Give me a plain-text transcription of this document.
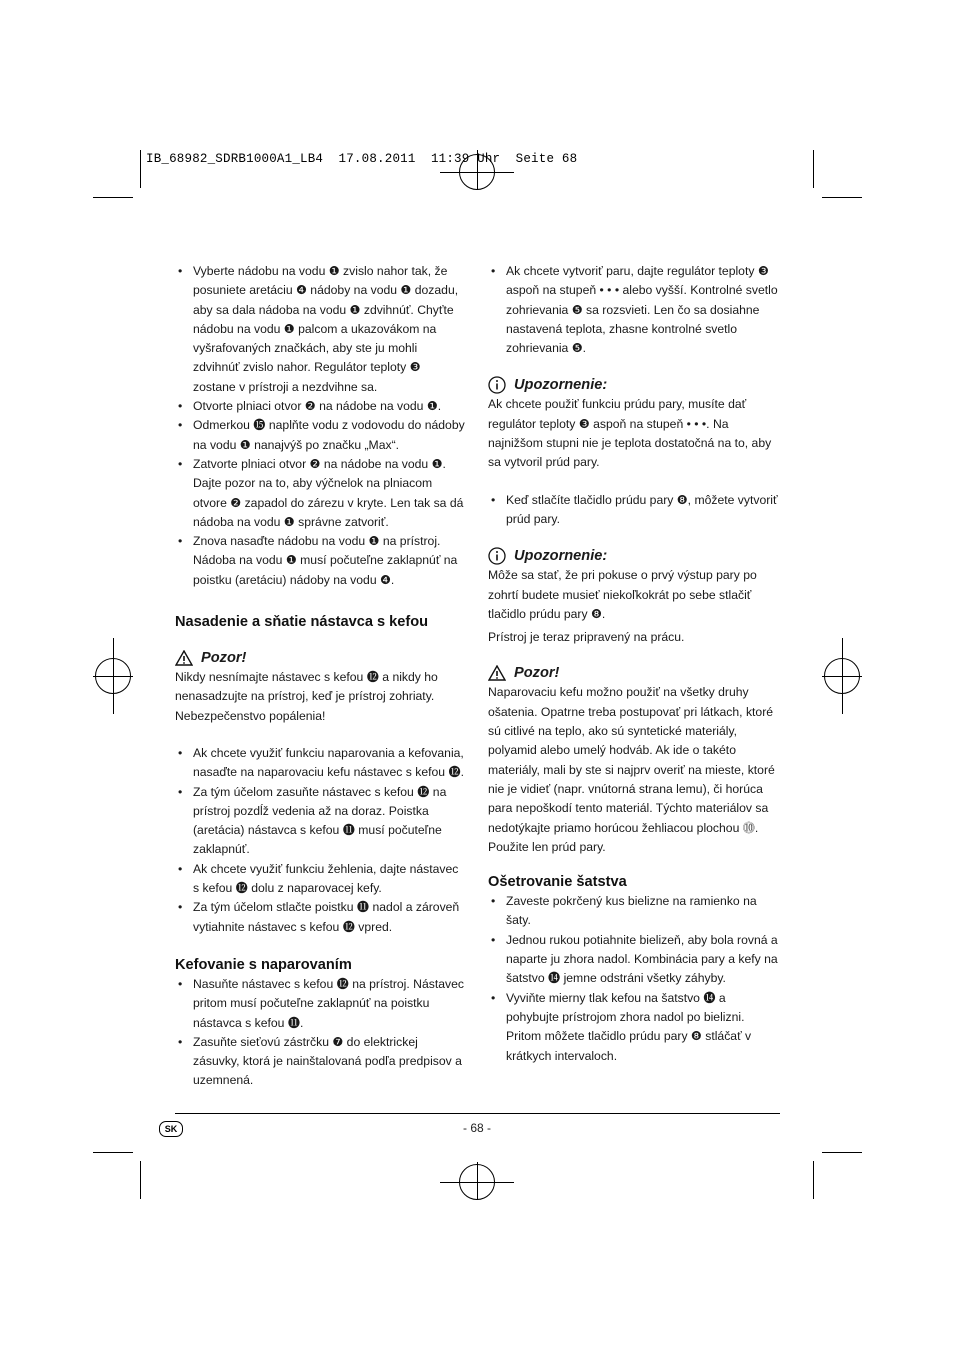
IB_68982_SDRB1000A1_LB4  17.08.2011  11:39 Uhr  Seite 68
• Vyberte nádobu na vodu ❶ zvislo nahor tak, že posuniete aretáciu ❹ nádoby na vodu ❶ dozadu, aby sa dala nádoba na vodu ❶ zdvihnúť. Chyťte nádobu na vodu ❶ palcom a ukazovákom na vyšrafovaných značkách, aby ste ju mohli zdvihnúť zvislo nahor. Regulátor teploty ❸ zostane v prístroji a nezdvihne sa.
• Otvorte plniaci otvor ❷ na nádobe na vodu ❶.
• Odmerkou ⓯ naplňte vodu z vodovodu do nádoby na vodu ❶ nanajvýš po značku „Max“.
• Zatvorte plniaci otvor ❷ na nádobe na vodu ❶. Dajte pozor na to, aby výčnelok na plniacom otvore ❷ zapadol do zárezu v kryte. Len tak sa dá nádoba na vodu ❶ správne zatvoriť.
• Znova nasaďte nádobu na vodu ❶ na prístroj. Nádoba na vodu ❶ musí počuteľne zaklapnúť na poistku (aretáciu) nádoby na vodu ❹.
Nasadenie a sňatie nástavca s kefou
Pozor!

Nikdy nesnímajte nástavec s kefou ⓬ a nikdy ho nenasadzujte na prístroj, keď je prístroj zohriaty. Nebezpečenstvo popálenia!

• Ak chcete využiť funkciu naparovania a kefovania, nasaďte na naparovaciu kefu nástavec s kefou ⓬.
• Za tým účelom zasuňte nástavec s kefou ⓬ na prístroj pozdĺž vedenia až na doraz. Poistka (aretácia) nástavca s kefou ⓫ musí počuteľne zaklapnúť.
• Ak chcete využiť funkciu žehlenia, dajte nástavec s kefou ⓬ dolu z naparovacej kefy.
• Za tým účelom stlačte poistku ⓫ nadol a zároveň vytiahnite nástavec s kefou ⓬ vpred.
Kefovanie s naparovaním
• Nasuňte nástavec s kefou ⓬ na prístroj. Nástavec pritom musí počuteľne zaklapnúť na poistku nástavca s kefou ⓫.
• Zasuňte sieťovú zástrčku ❼ do elektrickej zásuvky, ktorá je nainštalovaná podľa predpisov a uzemnená.
• Ak chcete vytvoriť paru, dajte regulátor teploty ❸ aspoň na stupeň • • • alebo vyšší. Kontrolné svetlo zohrievania ❺ sa rozsvieti. Len čo sa dosiahne nastavená teplota, zhasne kontrolné svetlo zohrievania ❺.
Upozornenie:

Ak chcete použiť funkciu prúdu pary, musíte dať regulátor teploty ❸ aspoň na stupeň • • •. Na najnižšom stupni nie je teplota dostatočná na to, aby sa vytvoril prúd pary.

• Keď stlačíte tlačidlo prúdu pary ❽, môžete vytvoriť prúd pary.
Upozornenie:

Môže sa stať, že pri pokuse o prvý výstup pary po zohrtí budete musieť niekoľkokrát po sebe stlačiť tlačidlo prúdu pary ❽.

Prístroj je teraz pripravený na prácu.

Pozor!

Naparovaciu kefu možno použiť na všetky druhy ošatenia. Opatrne treba postupovať pri látkach, ktoré sú citlivé na teplo, ako sú syntetické materiály, polyamid alebo umelý hodváb. Ak ide o takéto materiály, mali by ste si najprv overiť na mieste, ktoré nie je vidieť (napr. vnútorná strana lemu), či horúca para nepoškodí tento materiál. Týchto materiálov sa nedotýkajte priamo horúcou žehliacou plochou ⓾. Použite len prúd pary.

Ošetrovanie šatstva
• Zaveste pokrčený kus bielizne na ramienko na šaty.
• Jednou rukou potiahnite bielizeň, aby bola rovná a naparte ju zhora nadol. Kombinácia pary a kefy na šatstvo ⓮ jemne odstráni všetky záhyby.
• Vyviňte mierny tlak kefou na šatstvo ⓮ a pohybujte prístrojom zhora nadol po bielizni. Pritom môžete tlačidlo prúdu pary ❽ stláčať v krátkych intervaloch.
SK	- 68 -
